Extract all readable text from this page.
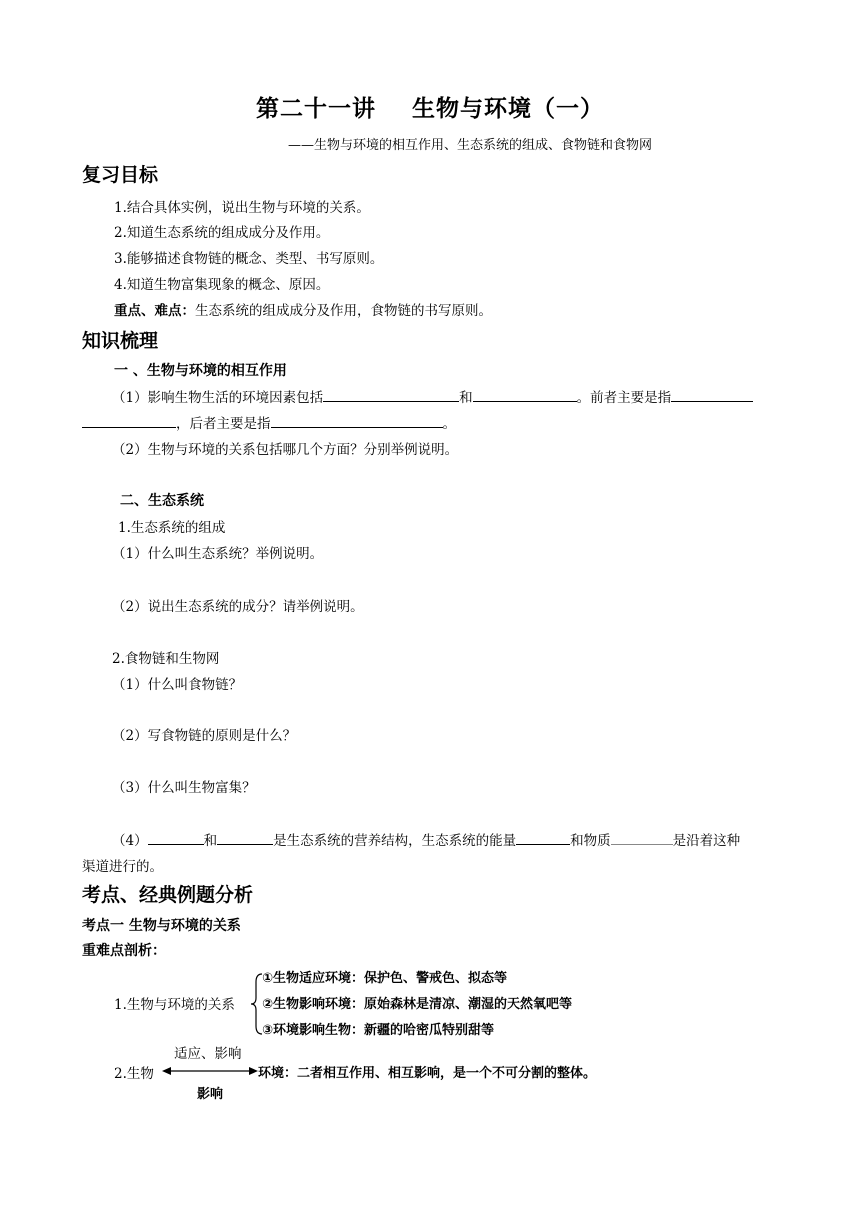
第二十一讲 生物与环境（一）
——生物与环境的相互作用、生态系统的组成、食物链和食物网
复习目标
1.结合具体实例，说出生物与环境的关系。
2.知道生态系统的组成成分及作用。
3.能够描述食物链的概念、类型、书写原则。
4.知道生物富集现象的概念、原因。
重点、难点：生态系统的组成成分及作用，食物链的书写原则。
知识梳理
一 、生物与环境的相互作用
（1）影响生物生活的环境因素包括	和	。前者主要是指
，后者主要是指	。
（2）生物与环境的关系包括哪几个方面？分别举例说明。
二、生态系统
1.生态系统的组成
（1）什么叫生态系统？举例说明。
（2）说出生态系统的成分？请举例说明。
2.食物链和生物网
（1）什么叫食物链？
（2）写食物链的原则是什么？
（3）什么叫生物富集？
（4）	和	是生态系统的营养结构，生态系统的能量	和物质	是沿着这种
渠道进行的。
考点、经典例题分析
考点一 生物与环境的关系
重难点剖析：
1.生物与环境的关系
①生物适应环境：保护色、警戒色、拟态等
②生物影响环境：原始森林是清凉、潮湿的天然氧吧等
③环境影响生物：新疆的哈密瓜特别甜等
适应、影响
2.生物	环境：二者相互作用、相互影响，是一个不可分割的整体。
影响
